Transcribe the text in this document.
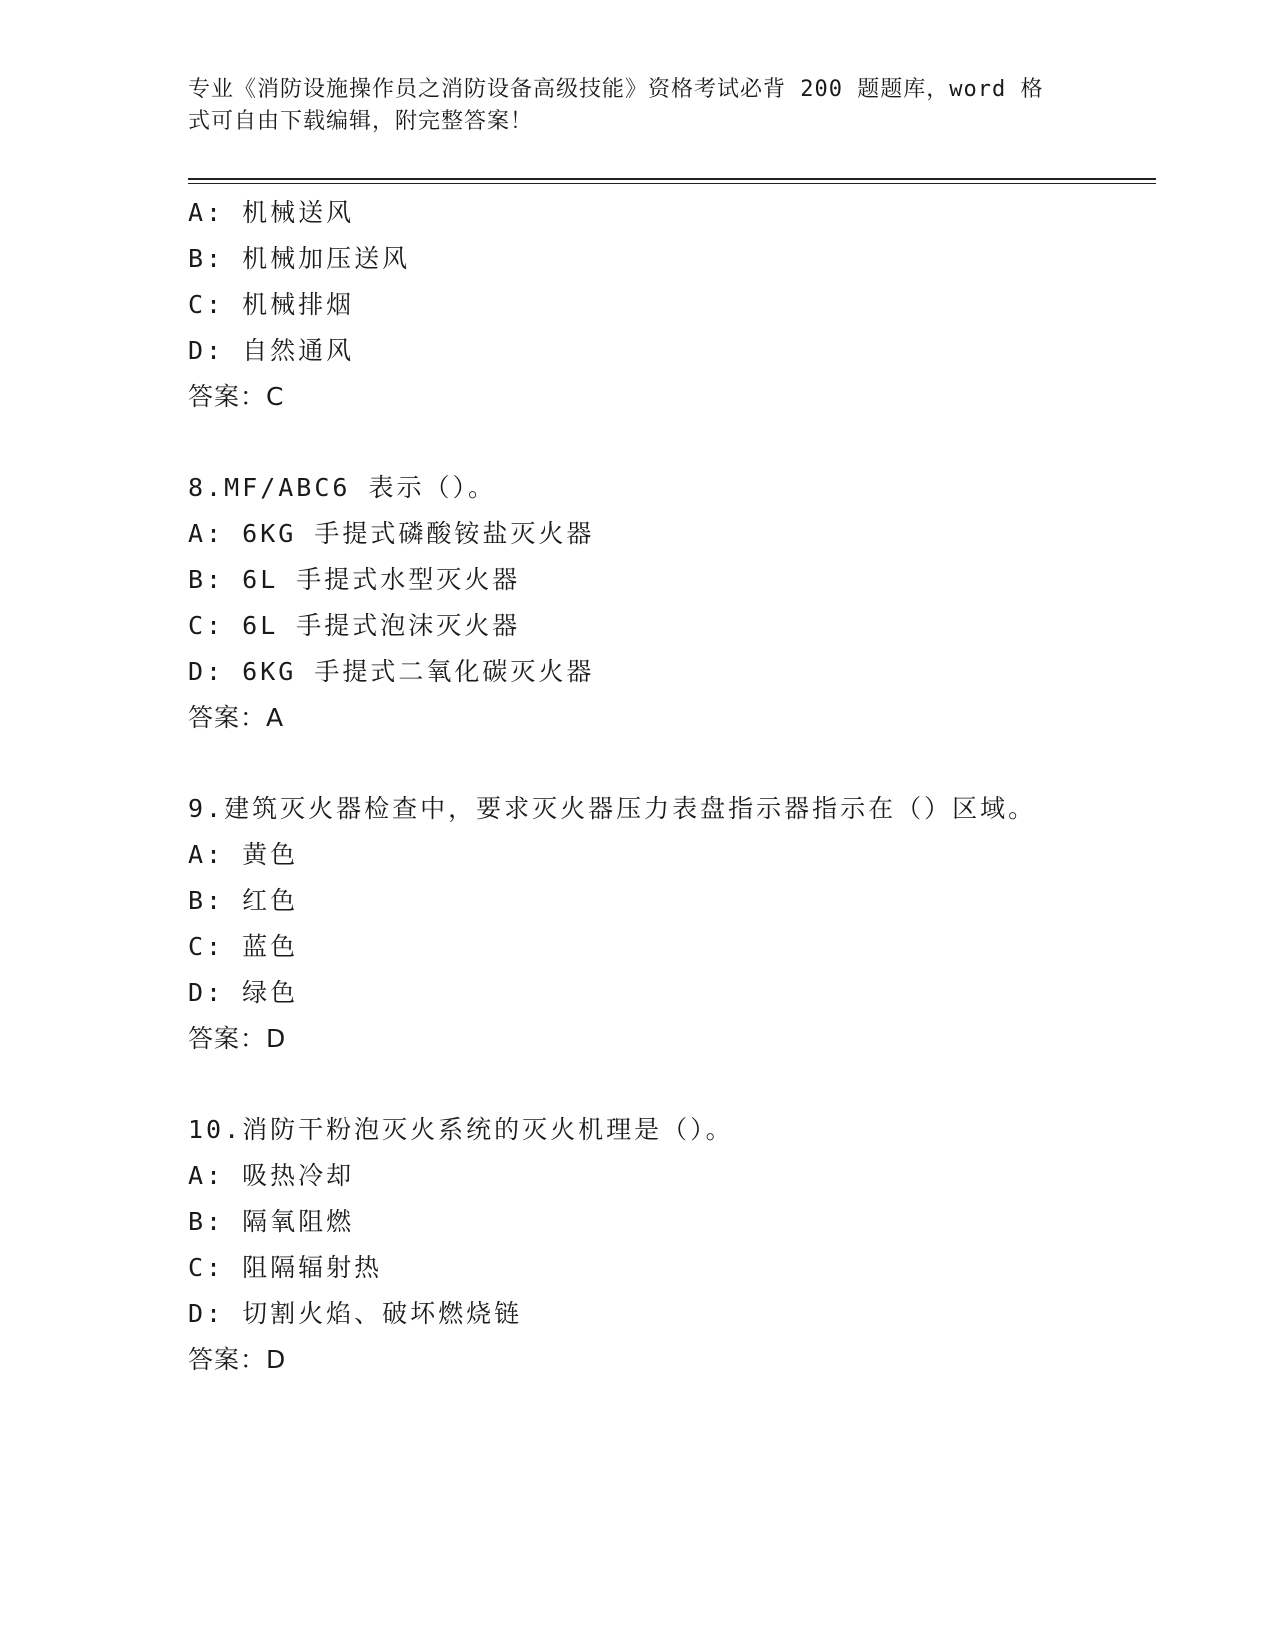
专业《消防设施操作员之消防设备高级技能》资格考试必背 200 题题库，word 格
式可自由下载编辑，附完整答案！
A: 机械送风
B: 机械加压送风
C: 机械排烟
D: 自然通风
答案：C
8.MF/ABC6 表示（）。
A: 6KG 手提式磷酸铵盐灭火器
B: 6L 手提式水型灭火器
C: 6L 手提式泡沫灭火器
D: 6KG 手提式二氧化碳灭火器
答案：A
9.建筑灭火器检查中，要求灭火器压力表盘指示器指示在（）区域。
A: 黄色
B: 红色
C: 蓝色
D: 绿色
答案：D
10.消防干粉泡灭火系统的灭火机理是（）。
A: 吸热冷却
B: 隔氧阻燃
C: 阻隔辐射热
D: 切割火焰、破坏燃烧链
答案：D
